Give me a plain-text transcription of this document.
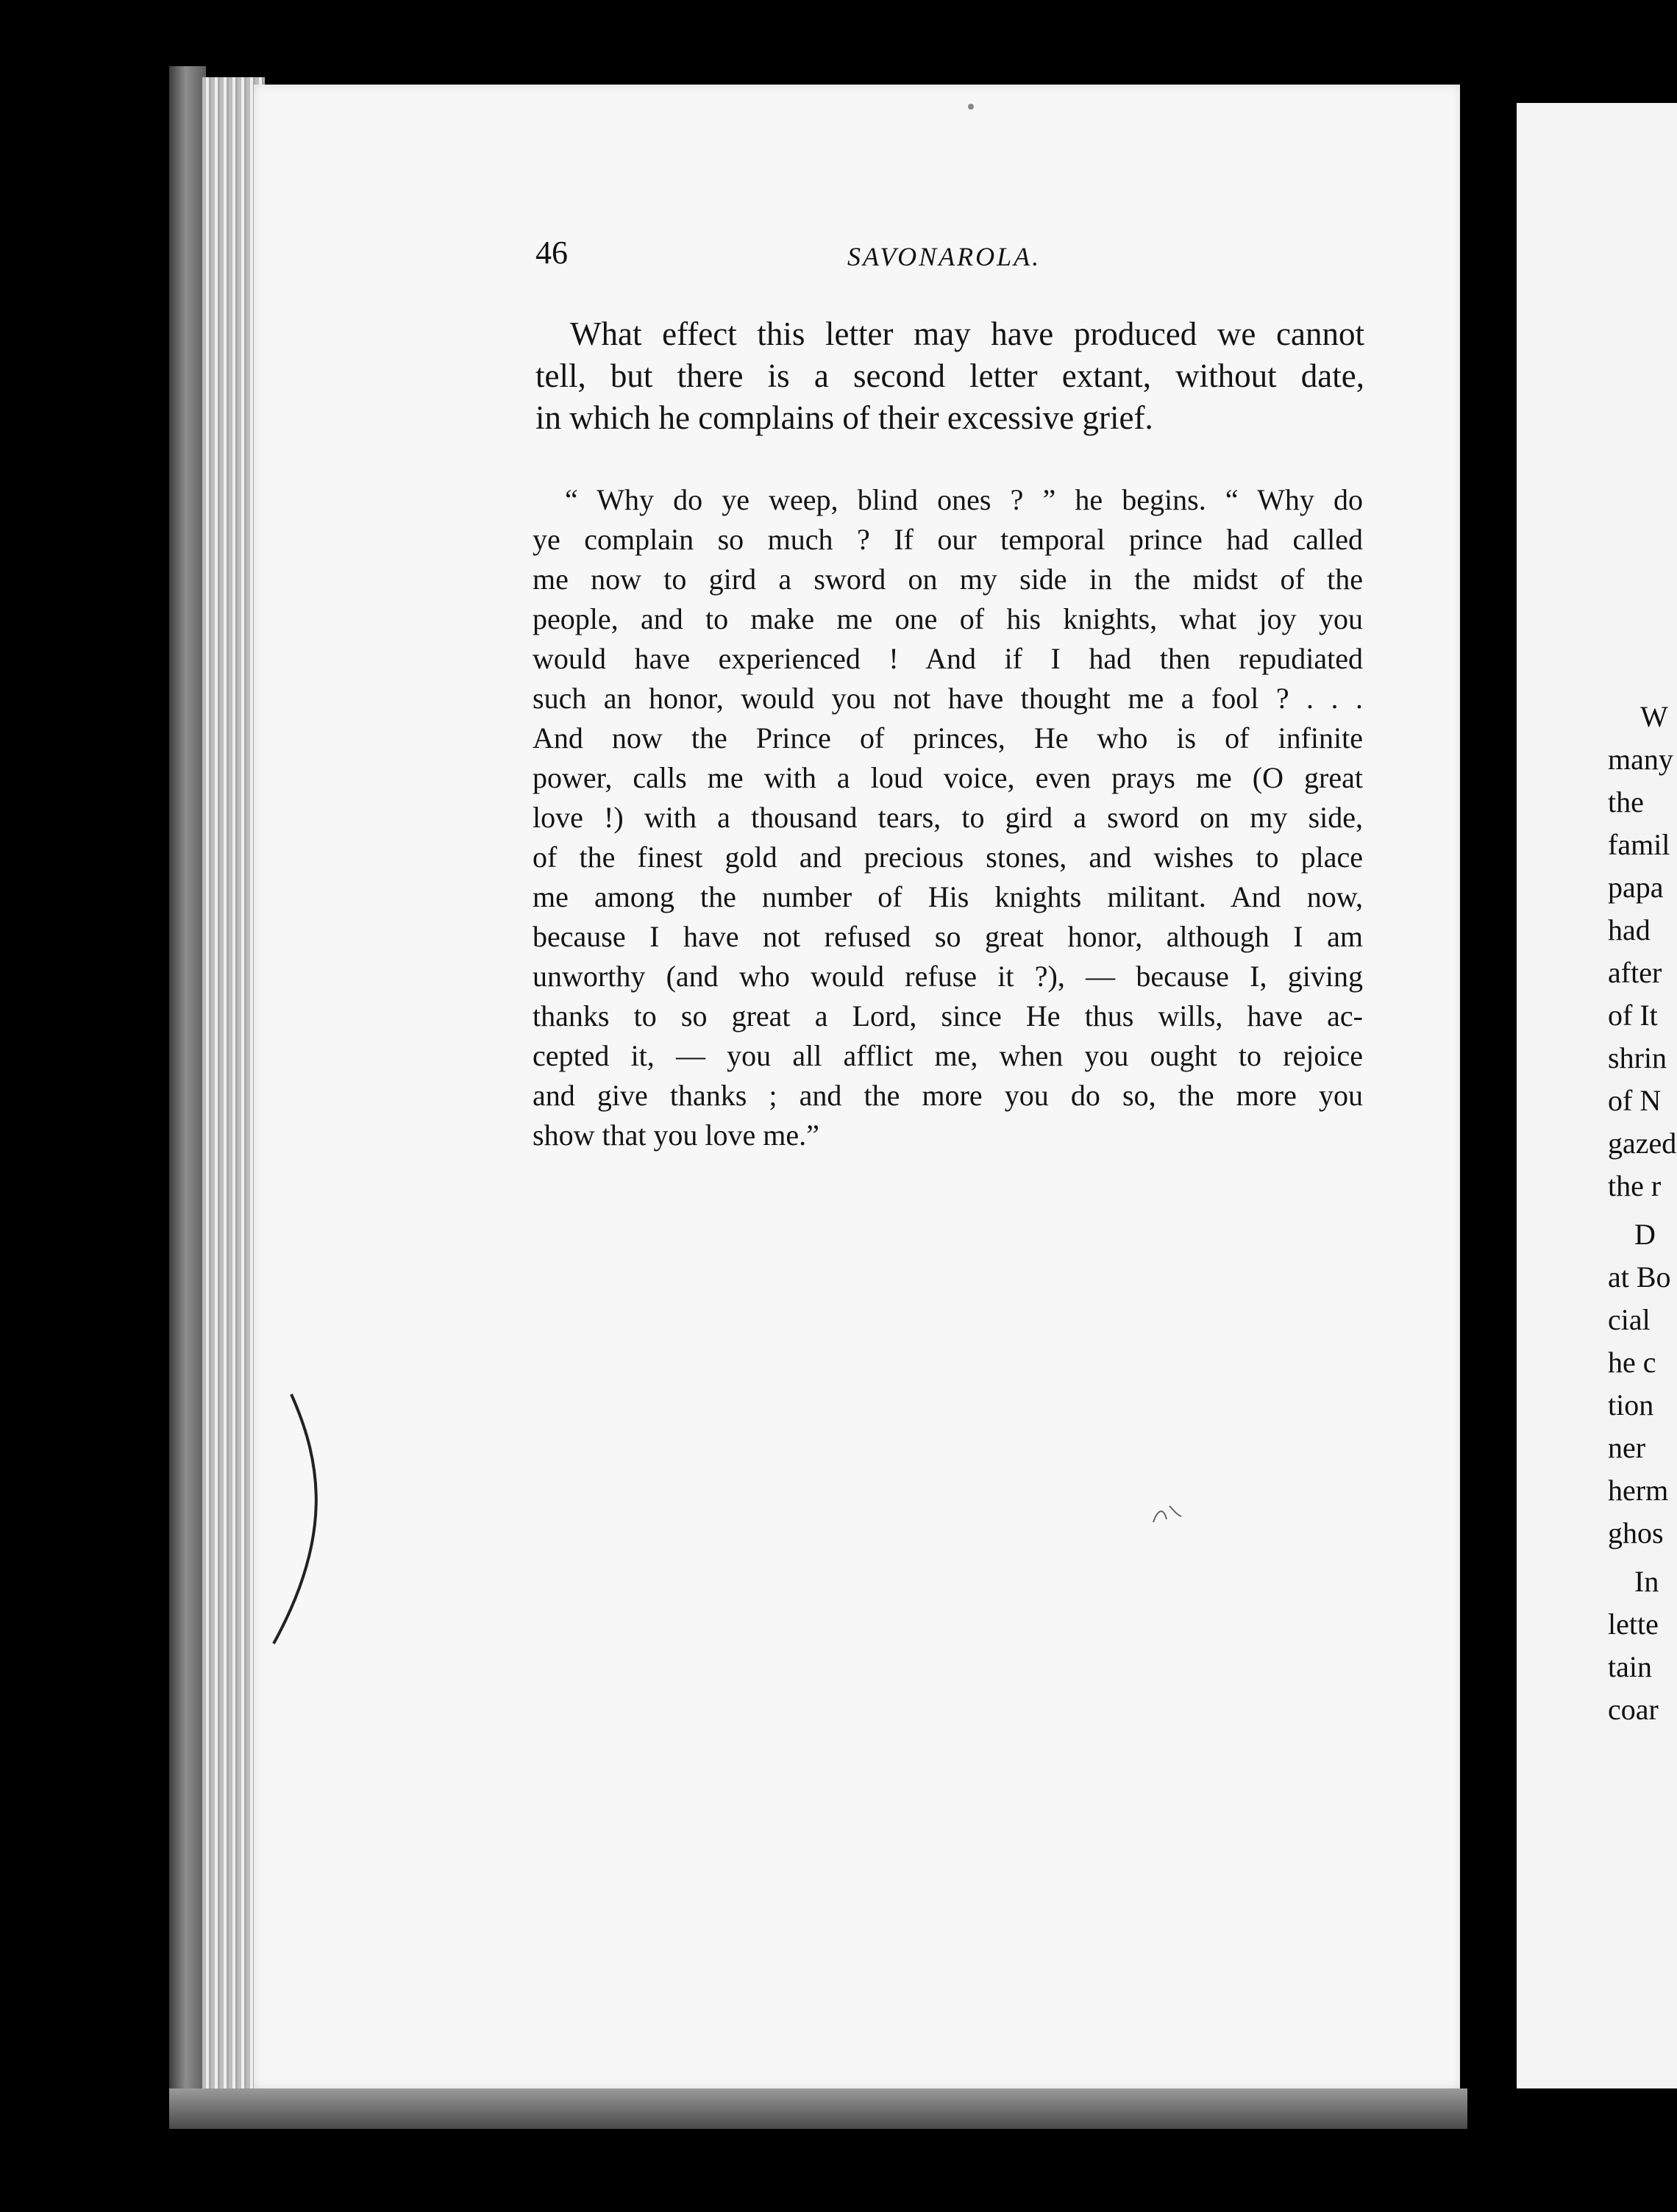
46	SAVONAROLA.
What effect this letter may have produced we cannot
tell, but there is a second letter extant, without date,
in which he complains of their excessive grief.
“ Why do ye weep, blind ones ? ” he begins. “ Why do
ye complain so much ? If our temporal prince had called
me now to gird a sword on my side in the midst of the
people, and to make me one of his knights, what joy you
would have experienced ! And if I had then repudiated
such an honor, would you not have thought me a fool ? . . .
And now the Prince of princes, He who is of infinite
power, calls me with a loud voice, even prays me (O great
love !) with a thousand tears, to gird a sword on my side,
of the finest gold and precious stones, and wishes to place
me among the number of His knights militant. And now,
because I have not refused so great honor, although I am
unworthy (and who would refuse it ?), — because I, giving
thanks to so great a Lord, since He thus wills, have ac-
cepted it, — you all afflict me, when you ought to rejoice
and give thanks ; and the more you do so, the more you
show that you love me.”
W
many
the
famil
papa
had
after
of It
shrin
of N
gazed
the r
D
at Bo
cial
he c
tion
ner
herm
ghos
In
lette
tain
coar
